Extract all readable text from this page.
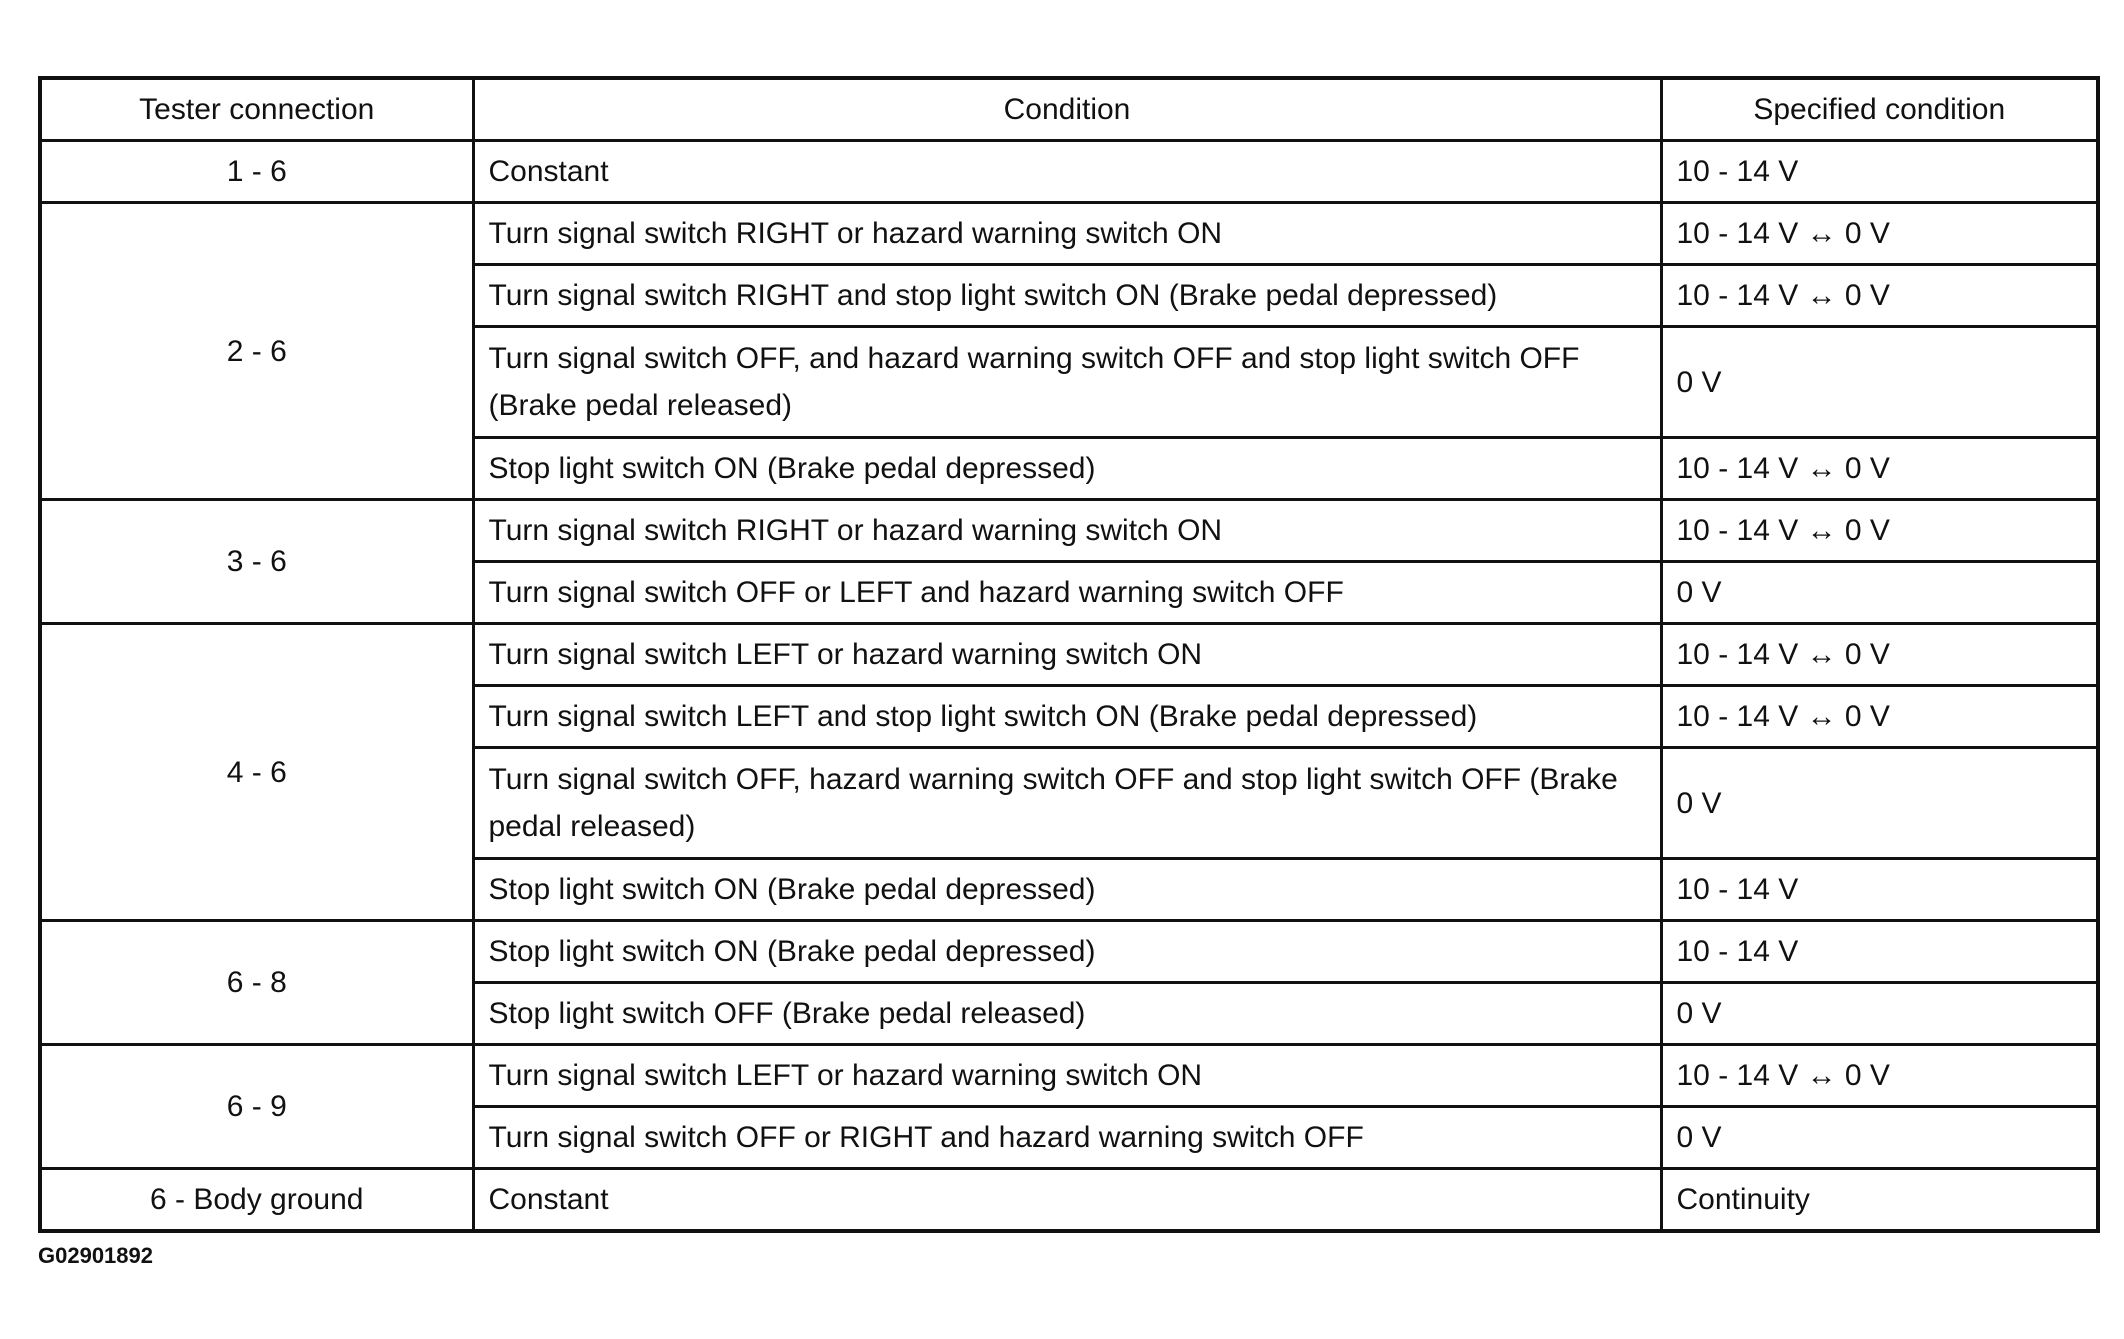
Tester connection	Condition	Specified condition
1 - 6	Constant	10 - 14 V
2 - 6	Turn signal switch RIGHT or hazard warning switch ON	10 - 14 V ↔ 0 V
	Turn signal switch RIGHT and stop light switch ON (Brake pedal depressed)	10 - 14 V ↔ 0 V
	Turn signal switch OFF, and hazard warning switch OFF and stop light switch OFF (Brake pedal released)	0 V
	Stop light switch ON (Brake pedal depressed)	10 - 14 V ↔ 0 V
3 - 6	Turn signal switch RIGHT or hazard warning switch ON	10 - 14 V ↔ 0 V
	Turn signal switch OFF or LEFT and hazard warning switch OFF	0 V
4 - 6	Turn signal switch LEFT or hazard warning switch ON	10 - 14 V ↔ 0 V
	Turn signal switch LEFT and stop light switch ON (Brake pedal depressed)	10 - 14 V ↔ 0 V
	Turn signal switch OFF, hazard warning switch OFF and stop light switch OFF (Brake pedal released)	0 V
	Stop light switch ON (Brake pedal depressed)	10 - 14 V
6 - 8	Stop light switch ON (Brake pedal depressed)	10 - 14 V
	Stop light switch OFF (Brake pedal released)	0 V
6 - 9	Turn signal switch LEFT or hazard warning switch ON	10 - 14 V ↔ 0 V
	Turn signal switch OFF or RIGHT and hazard warning switch OFF	0 V
6 - Body ground	Constant	Continuity
G02901892
